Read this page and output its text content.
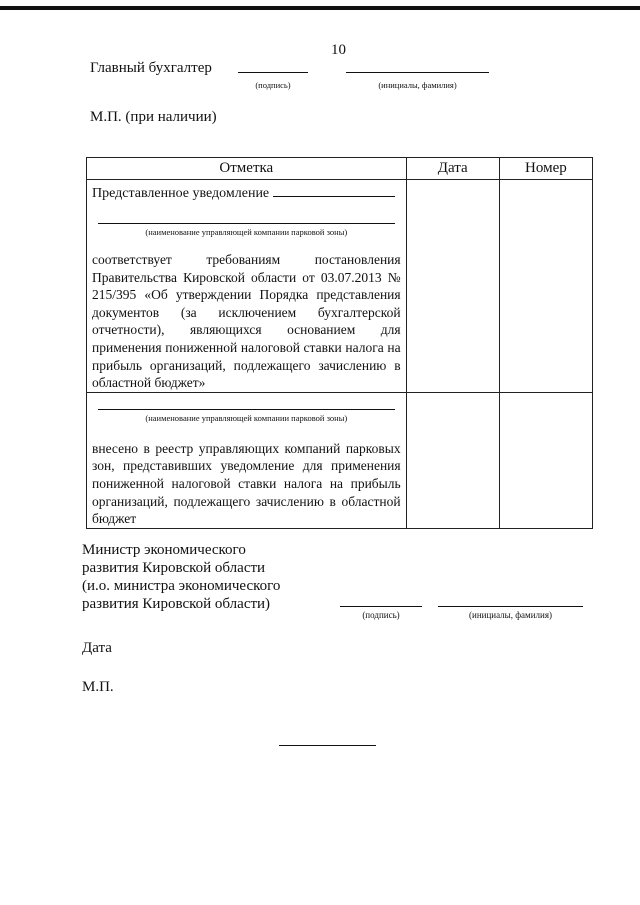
10
Главный бухгалтер
(подпись)	(инициалы, фамилия)
М.П. (при наличии)
Отметка	Дата	Номер

Представленное уведомление
(наименование управляющей компании парковой зоны)
соответствует требованиям постановления Правительства Кировской области от 03.07.2013 № 215/395 «Об утверждении Порядка представления документов (за исключением бухгалтерской отчетности), являющихся основанием для применения пониженной налоговой ставки налога на прибыль организаций, подлежащего зачислению в областной бюджет»		

(наименование управляющей компании парковой зоны)
внесено в реестр управляющих компаний парковых зон, представивших уведомление для применения пониженной налоговой ставки налога на прибыль организаций, подлежащего зачислению в областной бюджет		

Министр экономического
развития Кировской области
(и.о. министра экономического
развития Кировской области)
(подпись)	(инициалы, фамилия)
Дата
М.П.
